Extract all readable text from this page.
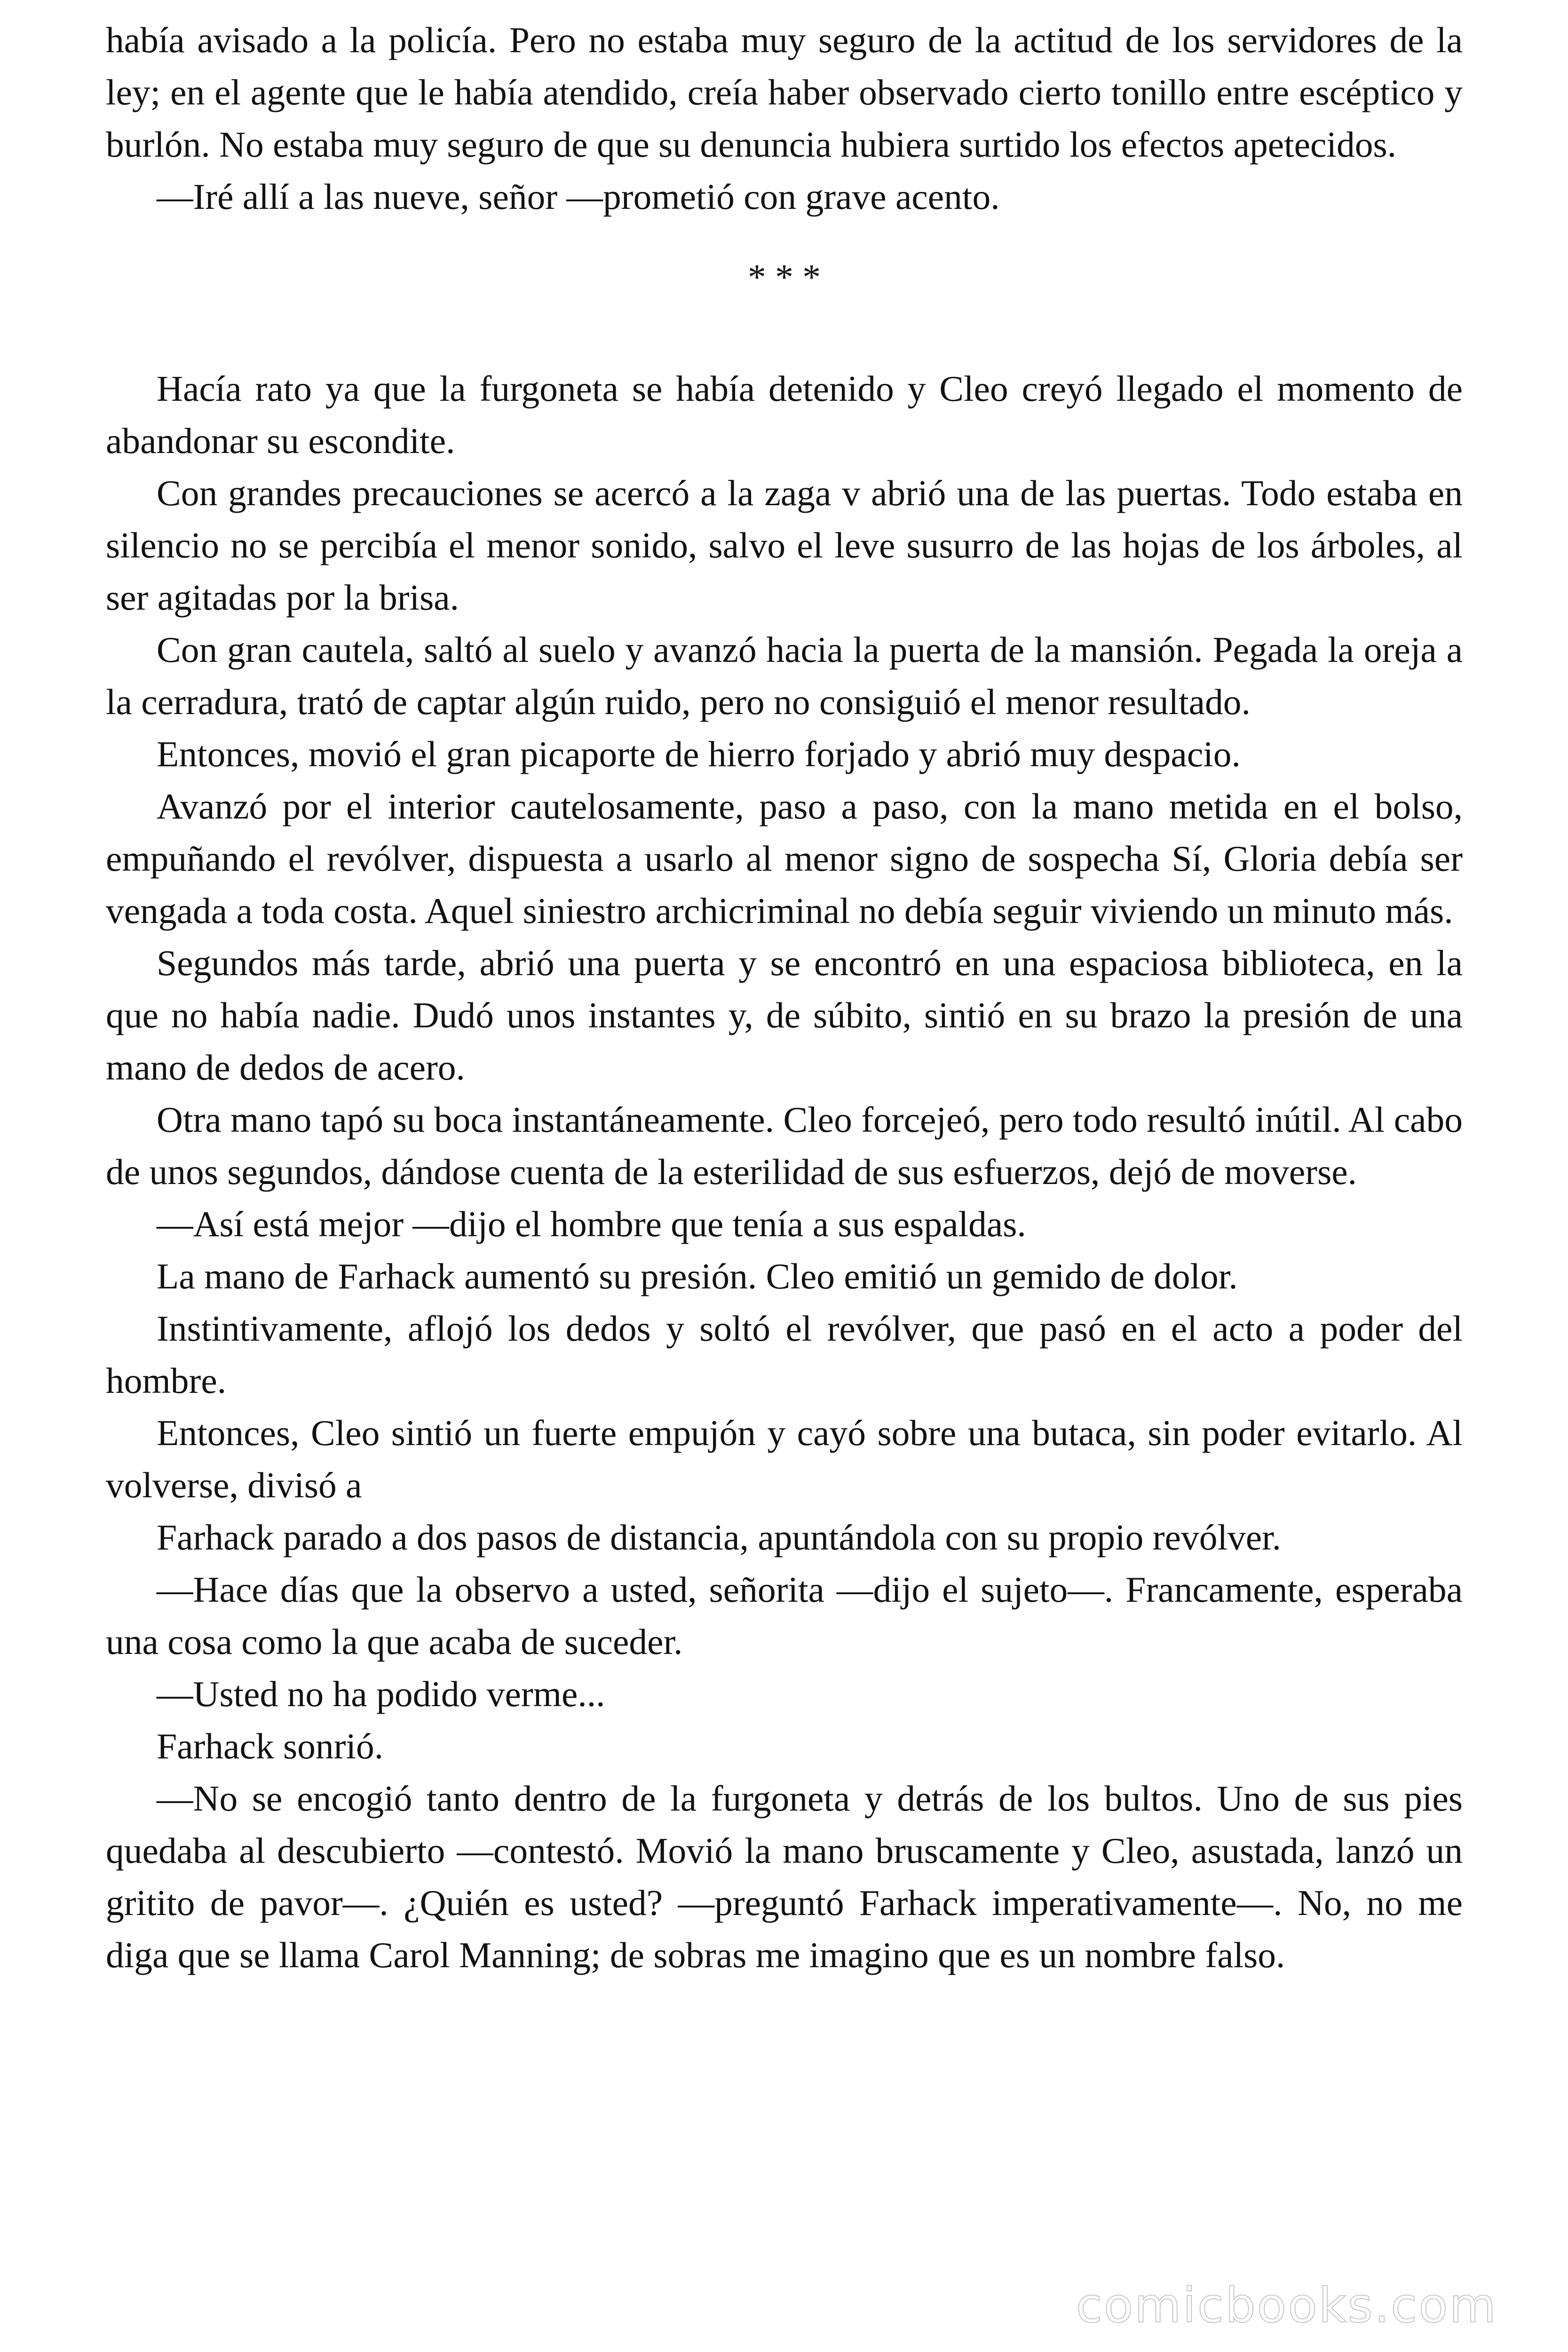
había avisado a la policía. Pero no estaba muy seguro de la actitud de los servidores de la ley; en el agente que le había atendido, creía haber observado cierto tonillo entre escéptico y burlón. No estaba muy seguro de que su denuncia hubiera surtido los efectos apetecidos.

—Iré allí a las nueve, señor —prometió con grave acento.

* * *

Hacía rato ya que la furgoneta se había detenido y Cleo creyó llegado el momento de abandonar su escondite.

Con grandes precauciones se acercó a la zaga v abrió una de las puertas. Todo estaba en silencio no se percibía el menor sonido, salvo el leve susurro de las hojas de los árboles, al ser agitadas por la brisa.

Con gran cautela, saltó al suelo y avanzó hacia la puerta de la mansión. Pegada la oreja a la cerradura, trató de captar algún ruido, pero no consiguió el menor resultado.

Entonces, movió el gran picaporte de hierro forjado y abrió muy despacio.

Avanzó por el interior cautelosamente, paso a paso, con la mano metida en el bolso, empuñando el revólver, dispuesta a usarlo al menor signo de sospecha Sí, Gloria debía ser vengada a toda costa. Aquel siniestro archicriminal no debía seguir viviendo un minuto más.

Segundos más tarde, abrió una puerta y se encontró en una espaciosa biblioteca, en la que no había nadie. Dudó unos instantes y, de súbito, sintió en su brazo la presión de una mano de dedos de acero.

Otra mano tapó su boca instantáneamente. Cleo forcejeó, pero todo resultó inútil. Al cabo de unos segundos, dándose cuenta de la esterilidad de sus esfuerzos, dejó de moverse.

—Así está mejor —dijo el hombre que tenía a sus espaldas.

La mano de Farhack aumentó su presión. Cleo emitió un gemido de dolor.

Instintivamente, aflojó los dedos y soltó el revólver, que pasó en el acto a poder del hombre.

Entonces, Cleo sintió un fuerte empujón y cayó sobre una butaca, sin poder evitarlo. Al volverse, divisó a

Farhack parado a dos pasos de distancia, apuntándola con su propio revólver.

—Hace días que la observo a usted, señorita —dijo el sujeto—. Francamente, esperaba una cosa como la que acaba de suceder.

—Usted no ha podido verme...

Farhack sonrió.

—No se encogió tanto dentro de la furgoneta y detrás de los bultos. Uno de sus pies quedaba al descubierto —contestó. Movió la mano bruscamente y Cleo, asustada, lanzó un gritito de pavor—. ¿Quién es usted? —preguntó Farhack imperativamente—. No, no me diga que se llama Carol Manning; de sobras me imagino que es un nombre falso.

comicbooks.com
